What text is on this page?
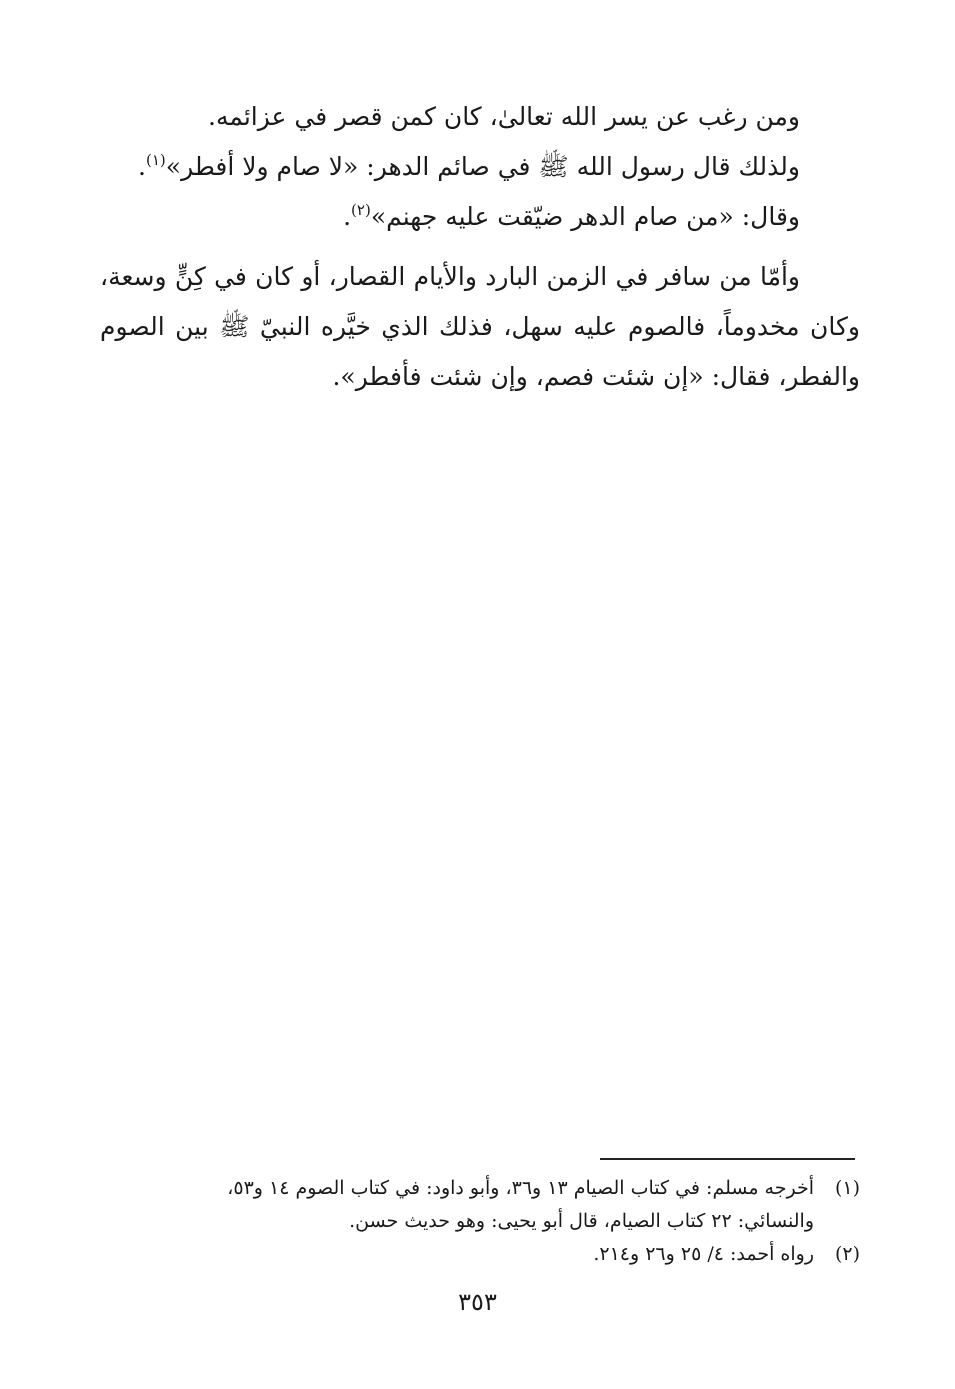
ومن رغب عن يسر الله تعالىٰ، كان كمن قصر في عزائمه.
ولذلك قال رسول الله ﷺ في صائم الدهر: «لا صام ولا أفطر»$^{(١)}$.
وقال: «من صام الدهر ضيّقت عليه جهنم»$^{(٢)}$.
وأمّا من سافر في الزمن البارد والأيام القصار، أو كان في كِنٍّ وسعة،
وكان مخدوماً، فالصوم عليه سهل، فذلك الذي خيَّره النبيّ ﷺ بين الصوم
والفطر، فقال: «إن شئت فصم، وإن شئت فأفطر».
(١)أخرجه مسلم: في كتاب الصيام ١٣ و٣٦، وأبو داود: في كتاب الصوم ١٤ و٥٣،
والنسائي: ٢٢ كتاب الصيام، قال أبو يحيى: وهو حديث حسن.
(٢)رواه أحمد: ٤/ ٢٥ و٢٦ و٢١٤.
٣٥٣
